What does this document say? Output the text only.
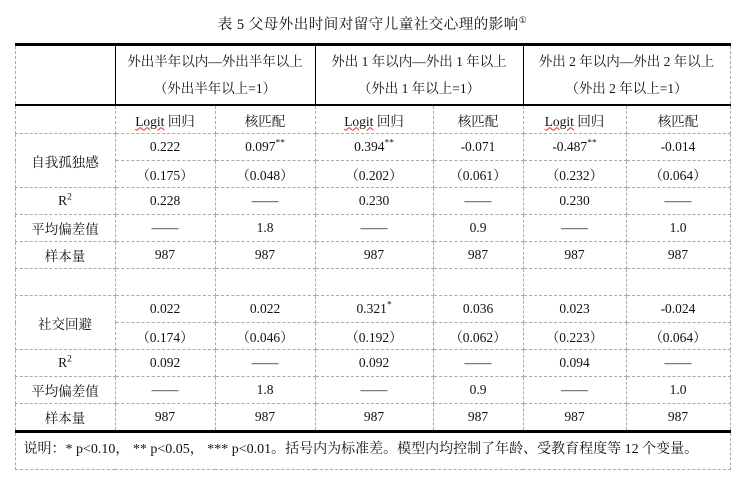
表 5 父母外出时间对留守儿童社交心理的影响①

外出半年以内—外出半年以上
（外出半年以上=1）

外出 1 年以内—外出 1 年以上
（外出 1 年以上=1）

外出 2 年以内—外出 2 年以上
（外出 2 年以上=1）

	Logit 回归	核匹配	Logit 回归	核匹配	Logit 回归	核匹配
自我孤独感	0.222	0.097**	0.394**	-0.071	-0.487**	-0.014
	（0.175）	（0.048）	（0.202）	（0.061）	（0.232）	（0.064）
$R^2$	0.228	——	0.230	——	0.230	——
平均偏差值	——	1.8	——	0.9	——	1.0
样本量	987	987	987	987	987	987

社交回避	0.022	0.022	0.321*	0.036	0.023	-0.024
	（0.174）	（0.046）	（0.192）	（0.062）	（0.223）	（0.064）
$R^2$	0.092	——	0.092	——	0.094	——
平均偏差值	——	1.8	——	0.9	——	1.0
样本量	987	987	987	987	987	987
说明：* p<0.10， ** p<0.05， *** p<0.01。括号内为标准差。模型内均控制了年龄、受教育程度等 12 个变量。						
